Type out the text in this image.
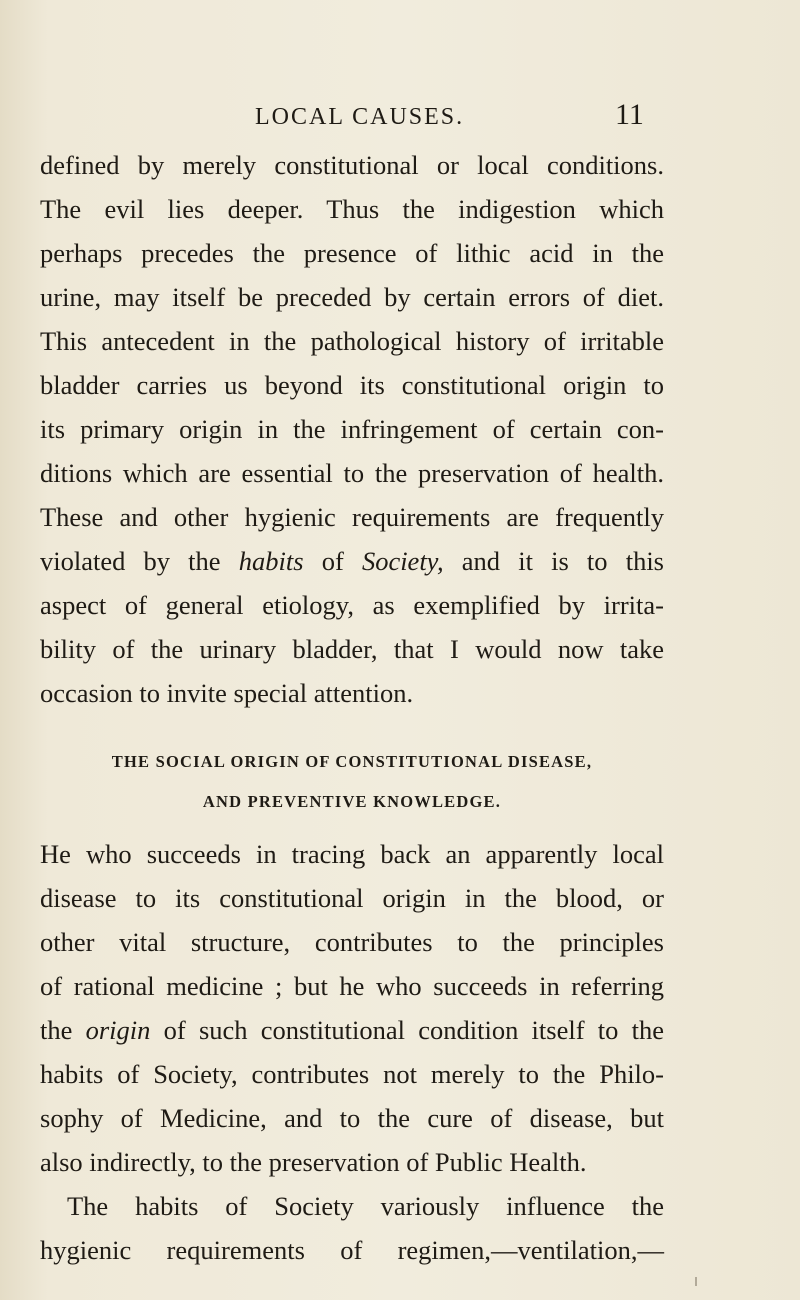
LOCAL CAUSES.	11
defined by merely constitutional or local conditions.
The evil lies deeper. Thus the indigestion which
perhaps precedes the presence of lithic acid in the
urine, may itself be preceded by certain errors of diet.
This antecedent in the pathological history of irritable
bladder carries us beyond its constitutional origin to
its primary origin in the infringement of certain con-
ditions which are essential to the preservation of health.
These and other hygienic requirements are frequently
violated by the habits of Society, and it is to this
aspect of general etiology, as exemplified by irrita-
bility of the urinary bladder, that I would now take
occasion to invite special attention.
THE SOCIAL ORIGIN OF CONSTITUTIONAL DISEASE,
AND PREVENTIVE KNOWLEDGE.
He who succeeds in tracing back an apparently local
disease to its constitutional origin in the blood, or
other vital structure, contributes to the principles
of rational medicine ; but he who succeeds in referring
the origin of such constitutional condition itself to the
habits of Society, contributes not merely to the Philo-
sophy of Medicine, and to the cure of disease, but
also indirectly, to the preservation of Public Health.
The habits of Society variously influence the
hygienic requirements of regimen,—ventilation,—
